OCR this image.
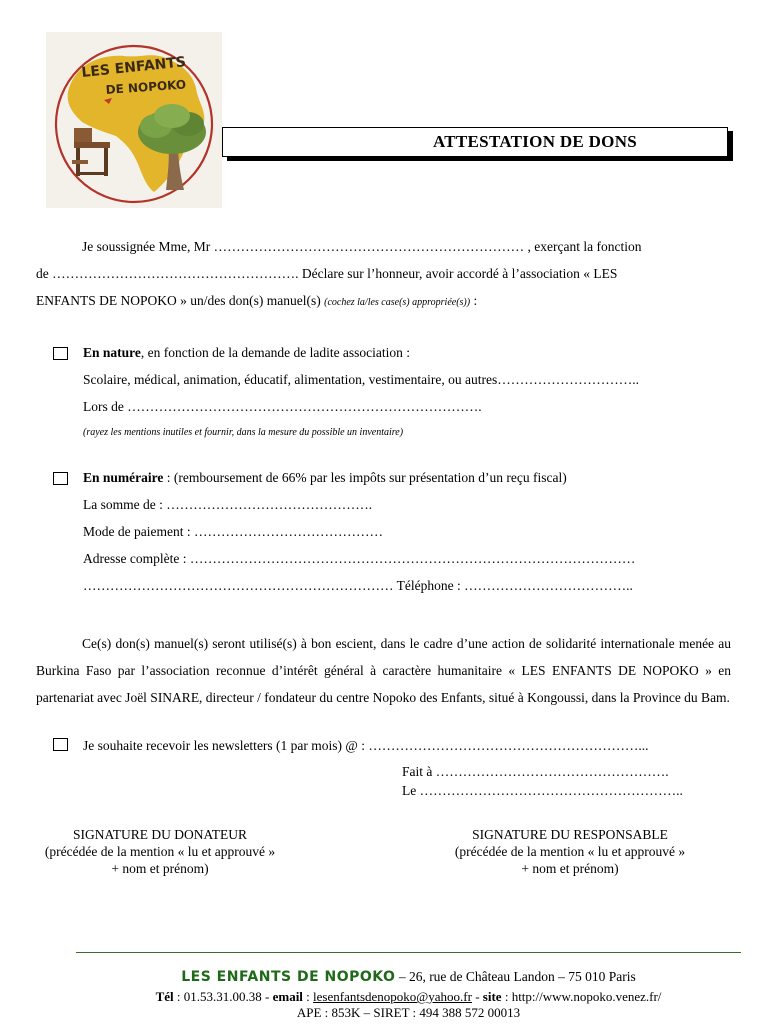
LES ENFANTS
DE NOPOKO
ATTESTATION DE DONS
Je soussignée Mme, Mr …………………………………………………………… , exerçant la fonction
de ………………………………………………. Déclare sur l’honneur, avoir accordé à l’association « LES
ENFANTS DE NOPOKO » un/des don(s) manuel(s) (cochez la/les case(s) appropriée(s)) :
En nature, en fonction de la demande de ladite association :
Scolaire, médical, animation, éducatif, alimentation, vestimentaire, ou autres…………………………..
Lors de …………………………………………………………………….
(rayez les mentions inutiles et fournir, dans la mesure du possible un inventaire)
En numéraire : (remboursement de 66% par les impôts sur présentation d’un reçu fiscal)
La somme de : ……………………………………….
Mode de paiement : ……………………………………
Adresse complète : ………………………………………………………………………………………
…………………………………………………………… Téléphone : ………………………………..
Ce(s) don(s) manuel(s) seront utilisé(s) à bon escient, dans le cadre d’une action de solidarité internationale menée au Burkina Faso par l’association reconnue d’intérêt général à caractère humanitaire « LES ENFANTS DE NOPOKO » en partenariat avec Joël SINARE, directeur / fondateur du centre Nopoko des Enfants, situé à Kongoussi, dans la Province du Bam.
Je souhaite recevoir les newsletters (1 par mois) @ : ……………………………………………………...
Fait à …………………………………………….
Le …………………………………………………..
SIGNATURE DU DONATEUR
(précédée de la mention « lu et approuvé »
+ nom et prénom)
SIGNATURE DU RESPONSABLE
(précédée de la mention « lu et approuvé »
+ nom et prénom)
LES ENFANTS DE NOPOKO – 26, rue de Château Landon – 75 010 Paris
Tél : 01.53.31.00.38 - email : lesenfantsdenopoko@yahoo.fr - site : http://www.nopoko.venez.fr/
APE : 853K – SIRET : 494 388 572 00013
